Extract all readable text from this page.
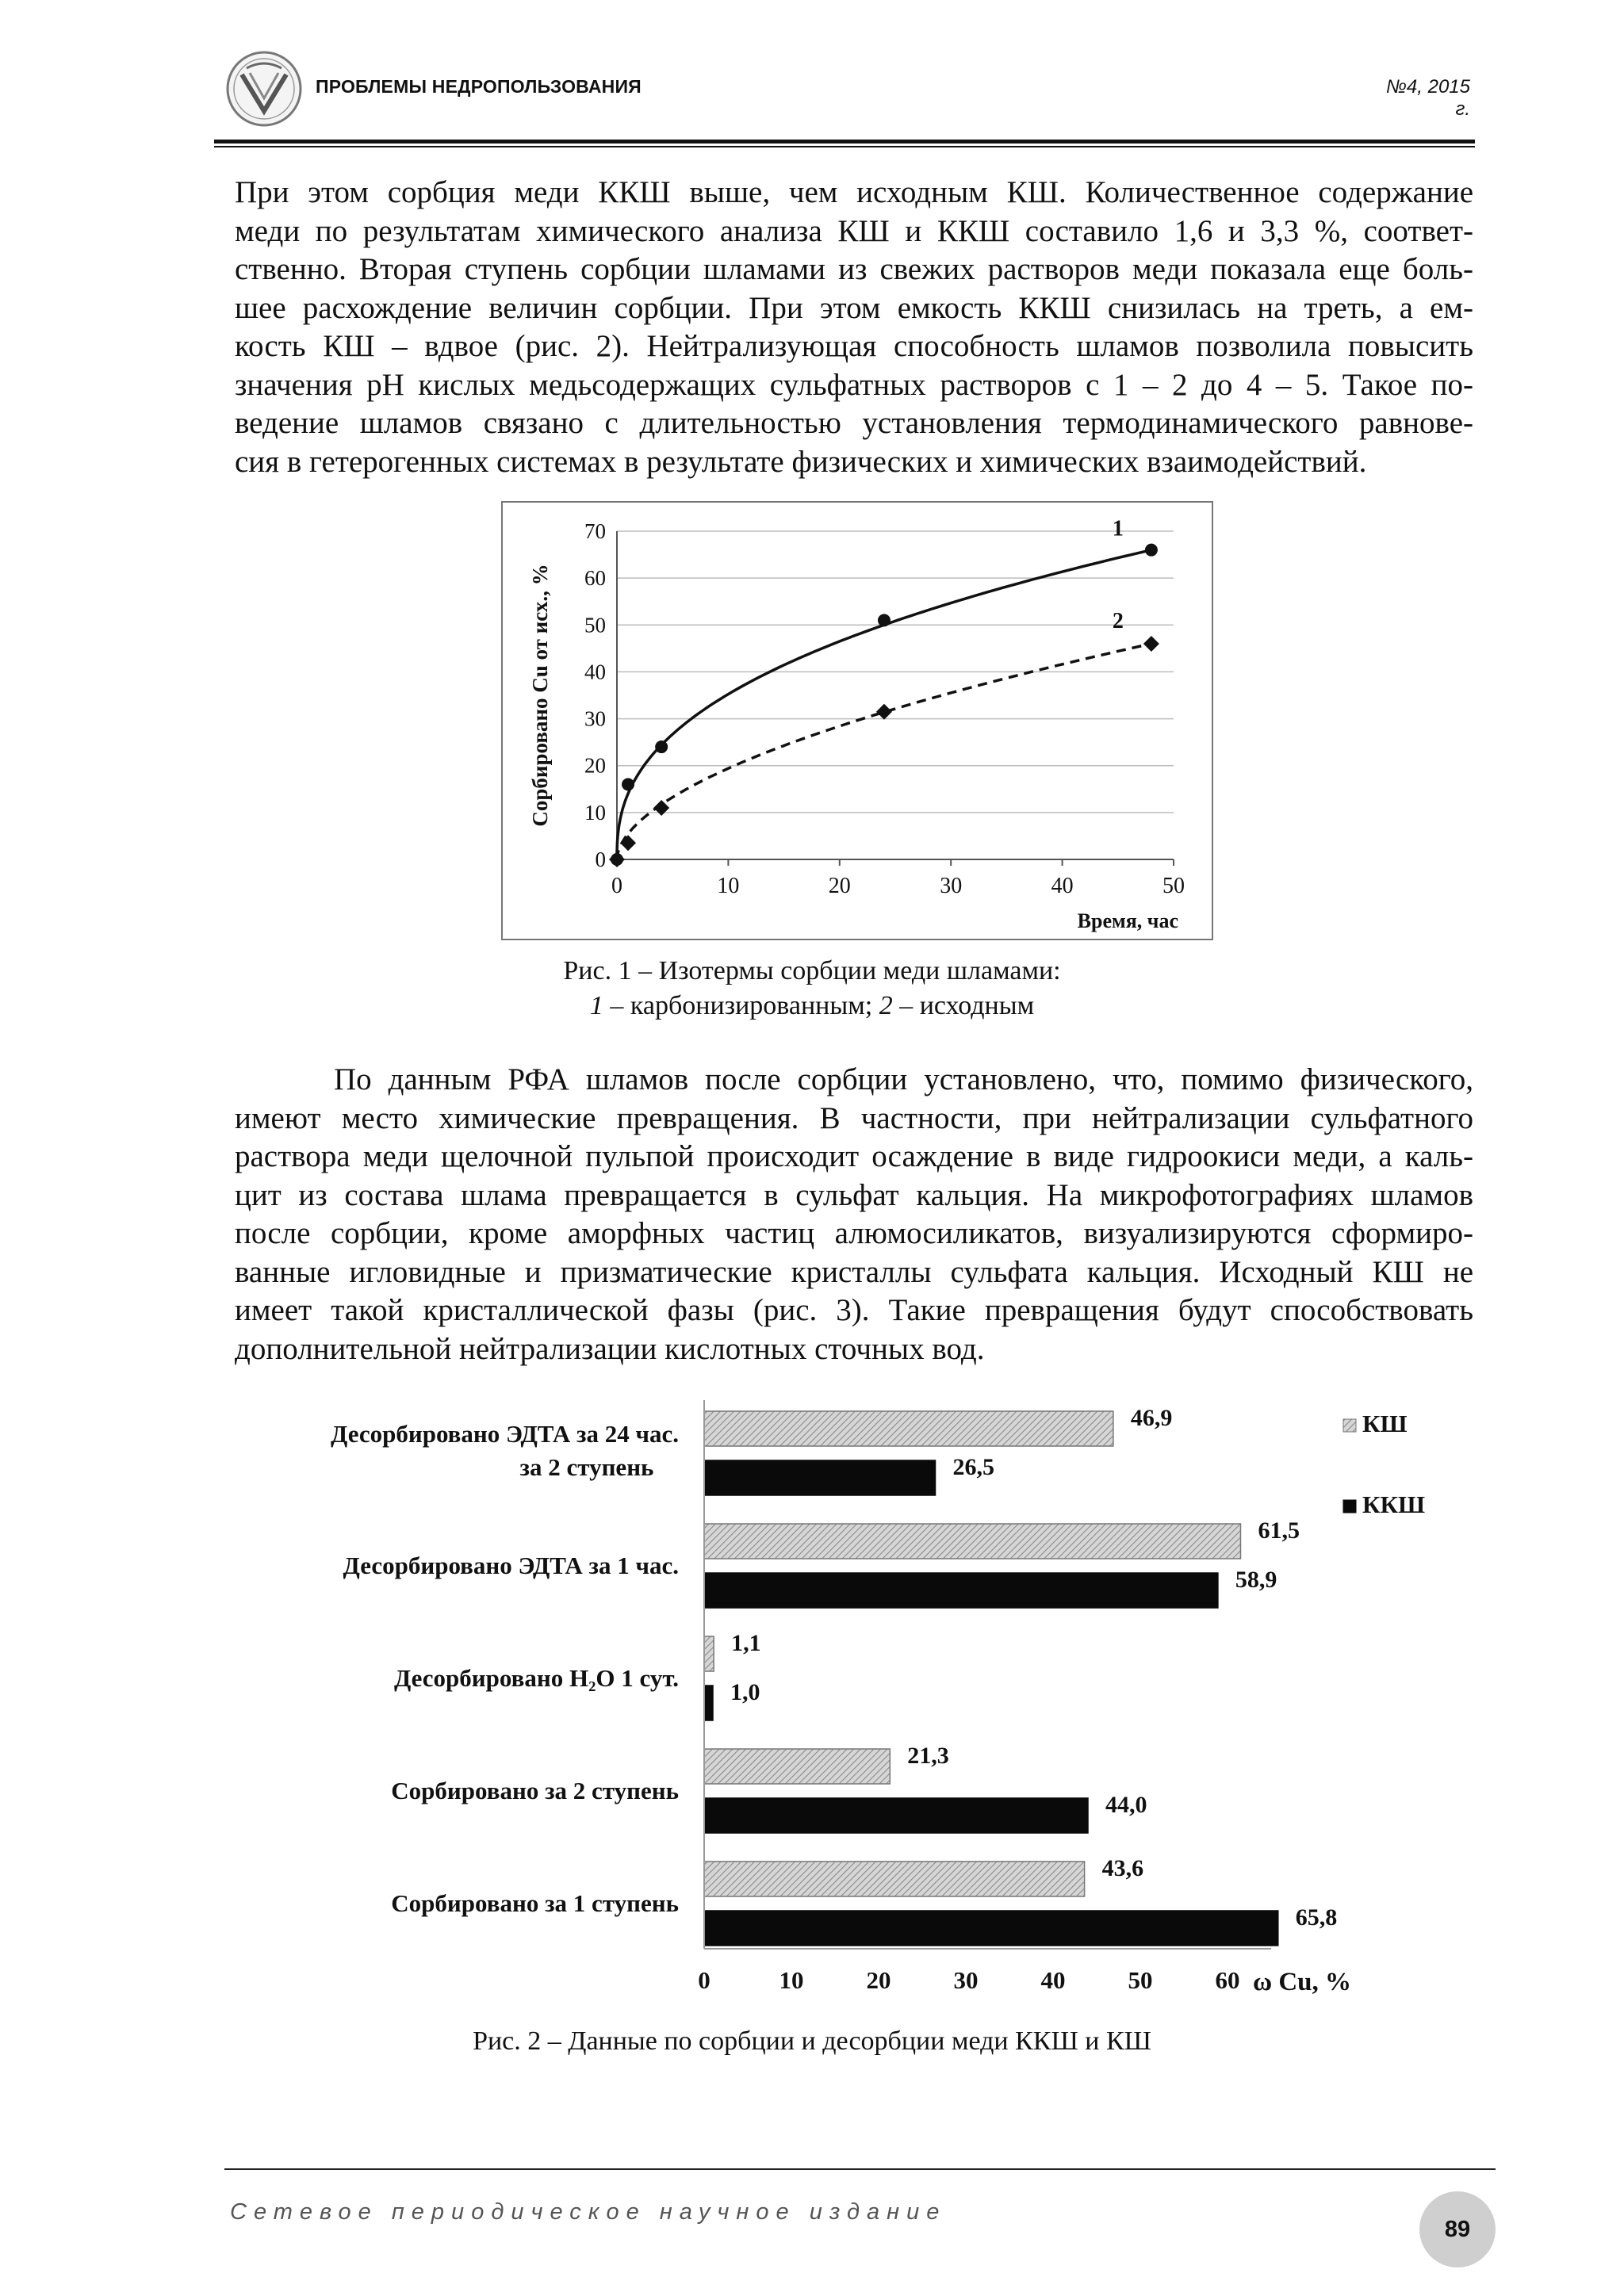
ПРОБЛЕМЫ НЕДРОПОЛЬЗОВАНИЯ	№4, 2015 г.
При этом сорбция меди ККШ выше, чем исходным КШ. Количественное содержание
меди по результатам химического анализа КШ и ККШ составило 1,6 и 3,3 %, соответ-
ственно. Вторая ступень сорбции шламами из свежих растворов меди показала еще боль-
шее расхождение величин сорбции. При этом емкость ККШ снизилась на треть, а ем-
кость КШ – вдвое (рис. 2). Нейтрализующая способность шламов позволила повысить
значения pH кислых медьсодержащих сульфатных растворов с 1 – 2 до 4 – 5. Такое по-
ведение шламов связано с длительностью установления термодинамического равнове-
сия в гетерогенных системах в результате физических и химических взаимодействий.
0
10
20
30
40
50
60
70
0	10	20	30	40	50
Время, час
Сорбировано Cu от исх., %
1
2
Рис. 1 – Изотермы сорбции меди шламами:
1 – карбонизированным; 2 – исходным
По данным РФА шламов после сорбции установлено, что, помимо физического,
имеют место химические превращения. В частности, при нейтрализации сульфатного
раствора меди щелочной пульпой происходит осаждение в виде гидроокиси меди, а каль-
цит из состава шлама превращается в сульфат кальция. На микрофотографиях шламов
после сорбции, кроме аморфных частиц алюмосиликатов, визуализируются сформиро-
ванные игловидные и призматические кристаллы сульфата кальция. Исходный КШ не
имеет такой кристаллической фазы (рис. 3). Такие превращения будут способствовать
дополнительной нейтрализации кислотных сточных вод.
Десорбировано ЭДТА за 24 час.
за 2 ступень
46,9
26,5
Десорбировано ЭДТА за 1 час.
61,5
58,9
Десорбировано H₂O 1 сут.
1,1
1,0
Сорбировано за 2 ступень
21,3
44,0
Сорбировано за 1 ступень
43,6
65,8
0	10	20	30	40	50	60 ω Cu, %
КШ
ККШ
Рис. 2 – Данные по сорбции и десорбции меди ККШ и КШ
Сетевое периодическое научное издание
89
